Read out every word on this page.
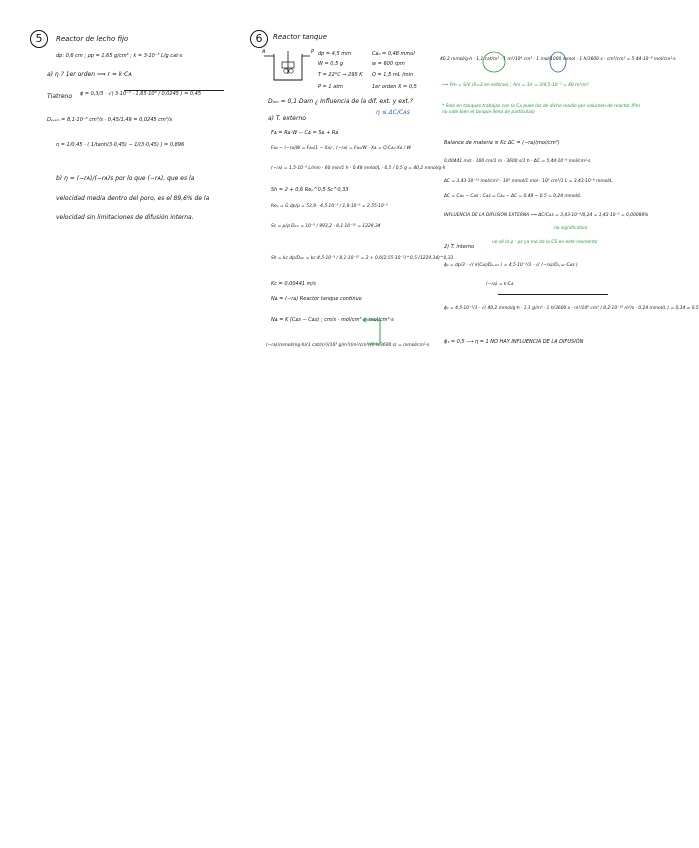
5	Reactor de lecho fijo
dp: 0,6 cm ; ρp = 1,65 g/cm³ ; k = 3·10⁻³ L/g cat·s
a) η ? 1er orden ⟹ r = k·Cᴀ
Tiatreno ϕ = 0,3/3 · √( 3·10⁻³ · 1,65·10³ / 0,0245 ) = 0,45
Dₑ,ₐₘ = 8,1·10⁻³ cm²/s · 0,45/1,49 = 0,0245 cm²/s
η = 1/0,45 · ( 1/tanh(3·0,45) − 1/(3·0,45) ) = 0,896
b) η = (−rᴀ)/(−rᴀ)s por lo que (−rᴀ), que es la
velocidad media dentro del poro, es el 89,6% de la
velocidad sin limitaciones de difusión interna.
6	Reactor tanque
A	P dp = 4,5 mm
W = 0,5 g
T = 22°C ⇒ 295 K
P = 1 atm
Cᴀ₀ = 0,48 mmol
w = 600 rpm
Q = 1,5 mL /min
1er orden X = 0,5
Dₐₘ = 0,1 Dam ¿ Influencia de la dif. ext. y ext.?
η ≤ ΔC/Cᴀs
a) T. externo
Fᴀ = Rᴀ·W − Cᴀ = Sᴀ + Rᴀ
Fᴀ₀ − (−rᴀ)W = Fᴀ₀(1 − Xᴀ) ; (−rᴀ) = Fᴀ₀/W · Xᴀ = Q·Cᴀ₀·Xᴀ / W
(−rᴀ) = 1,5·10⁻³ L/min · 60 min/1 h · 0,48 mmol/L · 0,5 / 0,5 g = 40,2 mmol/g·h
Sh = 2 + 0,6 Reₚ^0,5 Sc^0,33
Reₚ = G dp/μ = 53,9 · 4,5·10⁻³ / 1,8·10⁻⁵ = 2,55·10⁻²
Sc = μ/ρ Dₐₘ = 10⁻⁵ / 993,2 · 8,1·10⁻¹⁰ = 1229,34
Sh = kc dp/Dₐₘ = kc·4,5·10⁻³ / 8,1·10⁻¹⁰ = 2 + 0,6(2,55·10⁻²)^0,5 (1229,34)^0,33
Kc = 0,00441 m/s
Nᴀ = (−rᴀ) Reactor tanque continuo
Nᴀ = K (Cᴀs − Cᴀs) ; cm/s · mol/cm³ = mol/cm²·s
(−rᴀ)(mmol/mg·h)(1 cat/m²)(10³ g/m³)(m²/cm³)(1 h/3600 s) = mmol/cm²·s
40,2 mmol/g·h · 1,1 cat/m³ · 1 m³/10⁶ cm³ · 1 mol/1000 mmol · 1 h/3600 s · cm³/cm² = 5,44·10⁻⁸ mol/cm²·s
⟹ Pm = S/V (S=3 en esferas) ; Am = 3/r = 3/4,5·10⁻³ = 40 m²/m³
* Solo en tanques trabajas con la Cᴀ pues las de dicho medio por volumen de reactor (Pm no vale bien el tanque lleno de partículas)
Balance de materia ≡ Kc ΔC = (−rᴀ)(mol/cm²)
0,00441 m/s · 100 cm/1 m · 3600 s/1 h · ΔC = 5,44·10⁻⁸ mol/cm²·s
ΔC = 3,43·10⁻¹³ mol/cm³ · 10³ mmol/1 mol · 10³ cm³/1 L = 3,43·10⁻⁶ mmol/L
ΔC = Cᴀ₀ − Cᴀs ; Cᴀs = Cᴀ₀ − ΔC = 0,48 − 0,5 = 0,24 mmol/L
INFLUENCIA DE LA DIFUSIÓN EXTERNA ⟹ ΔC/Cᴀs = 3,43·10⁻⁶/0,24 = 1,43·10⁻⁵ = 0,00088%
no significativo
2) T. interno
no sé la ρ · ρs ya me da la CS en este momento
ϕ₁ = dp/3 · √( k(Cᴀ)/Dₑ,ₐₘ ) = 4,5·10⁻³/3 · √( (−rᴀ)/Dₑ,ₐₘ·Cᴀs )
(−rᴀ) = k·Cᴀ
ϕ₁ = 4,5·10⁻³/3 · √( 40,2 mmol/g·h · 1,1 g/m³ · 1 h/3600 s · m³/10⁶ cm³ / 8,2·10⁻¹⁰ m²/s · 0,24 mmol/L ) = 0,34 ≃ 0,5
ϕ₁ = 0,5 ⟶ η = 1 NO HAY INFLUENCIA DE LA DIFUSIÓN
